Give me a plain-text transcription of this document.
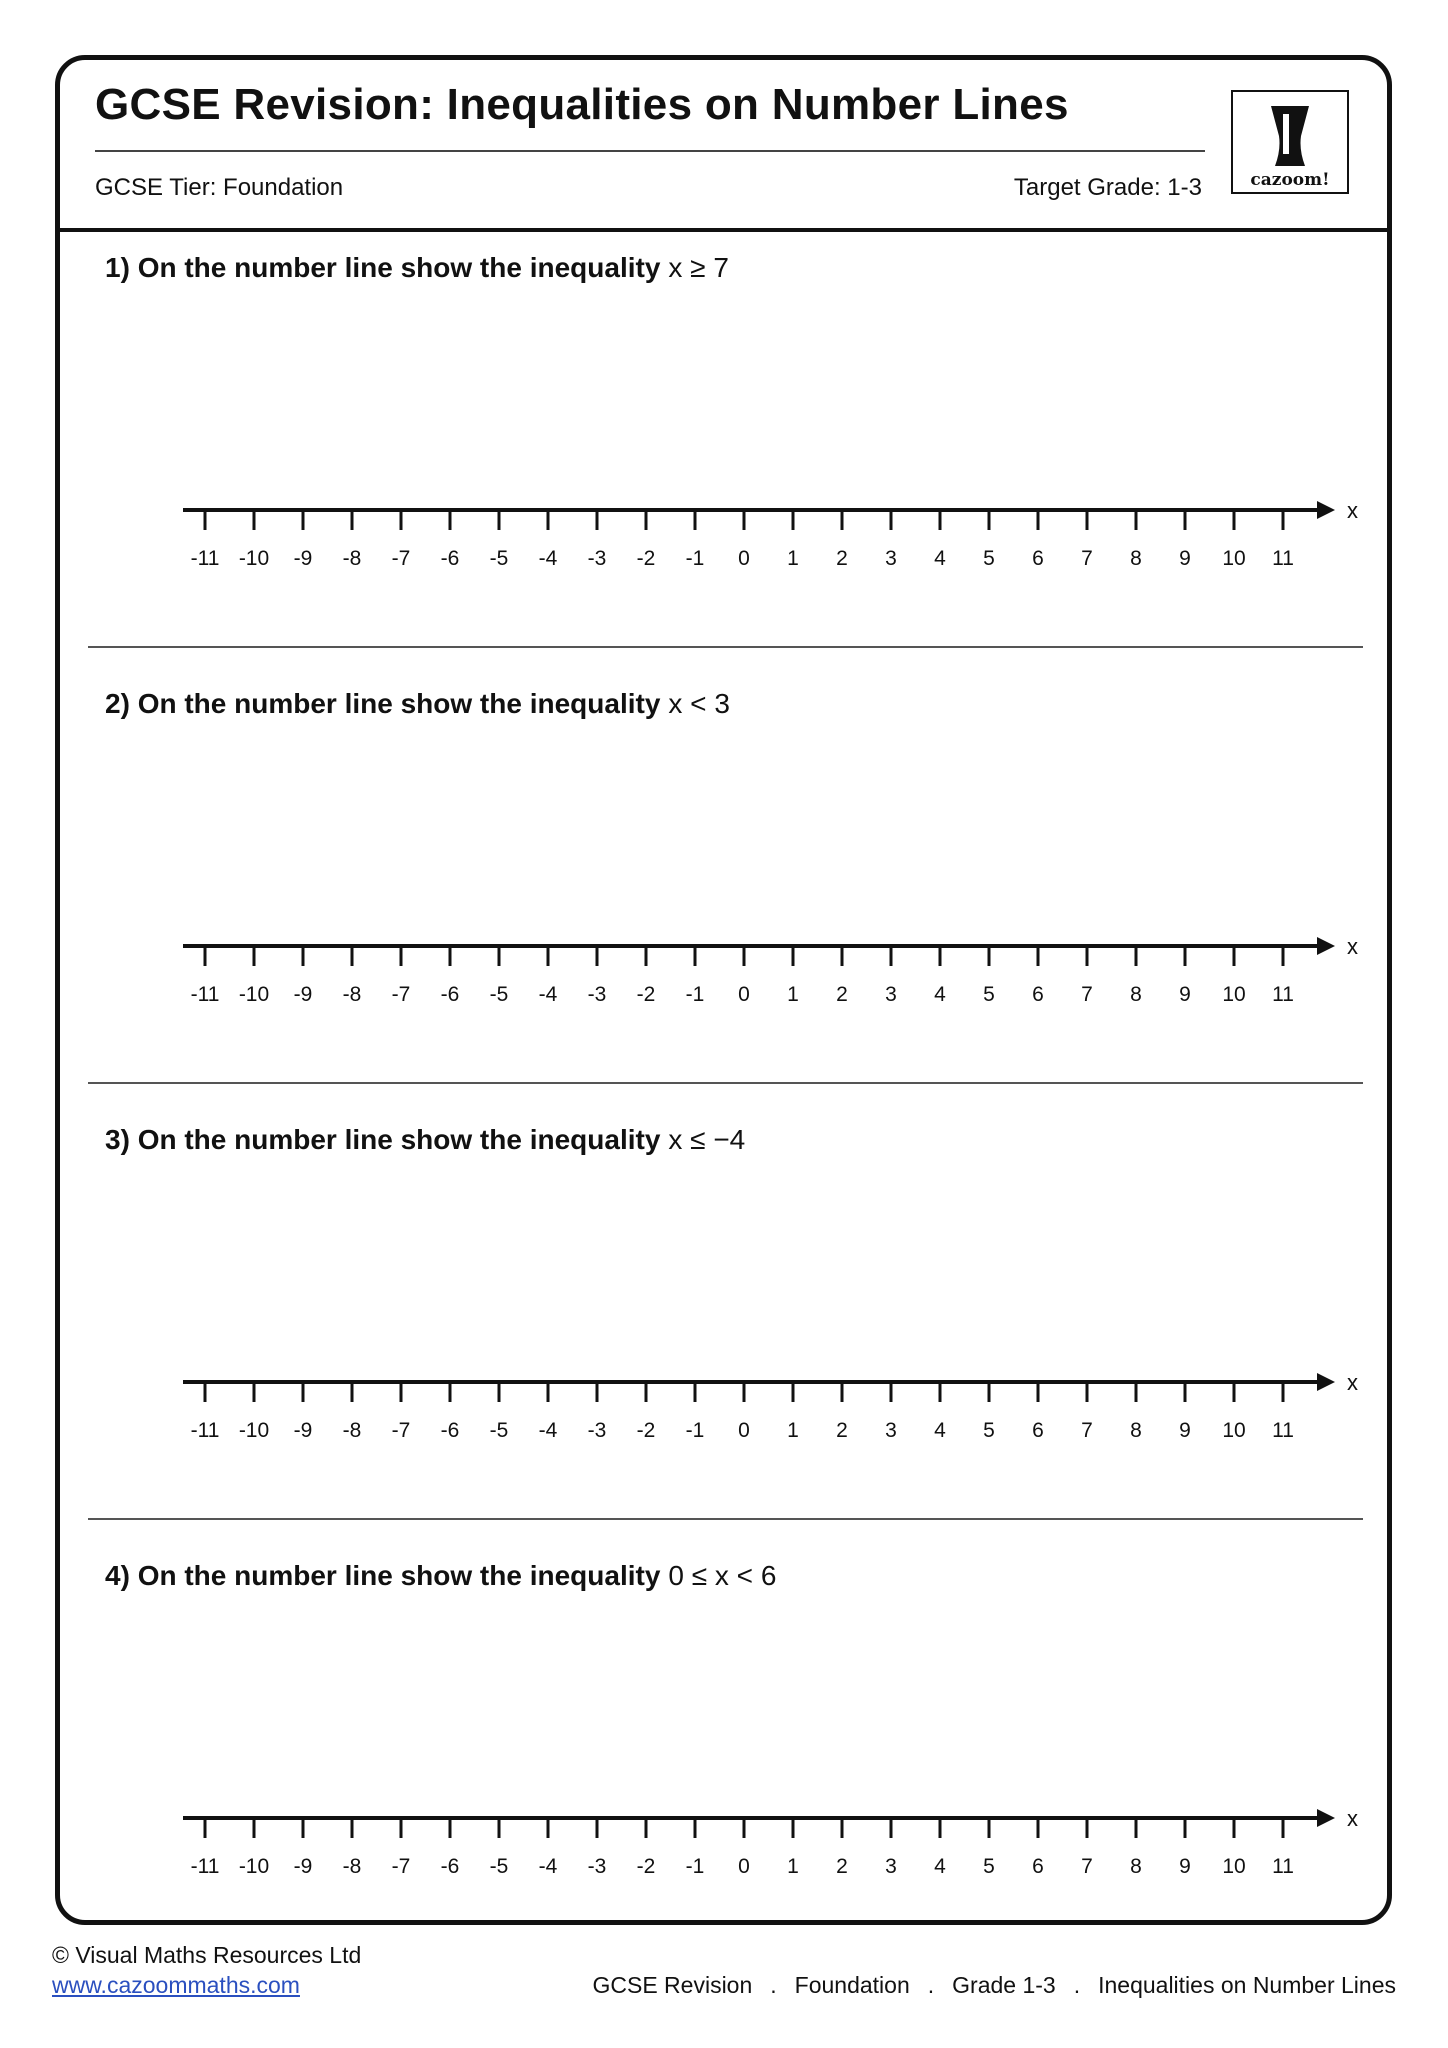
GCSE Revision: Inequalities on Number Lines
GCSE Tier: Foundation	Target Grade: 1-3	cazoom!
1) On the number line show the inequality x ≥ 7
x
-11 -10 -9 -8 -7 -6 -5 -4 -3 -2 -1 0 1 2 3 4 5 6 7 8 9 10 11
2) On the number line show the inequality x < 3
x
-11 -10 -9 -8 -7 -6 -5 -4 -3 -2 -1 0 1 2 3 4 5 6 7 8 9 10 11
3) On the number line show the inequality x ≤ −4
x
-11 -10 -9 -8 -7 -6 -5 -4 -3 -2 -1 0 1 2 3 4 5 6 7 8 9 10 11
4) On the number line show the inequality 0 ≤ x < 6
x
-11 -10 -9 -8 -7 -6 -5 -4 -3 -2 -1 0 1 2 3 4 5 6 7 8 9 10 11
© Visual Maths Resources Ltd
www.cazoommaths.com	GCSE Revision . Foundation . Grade 1-3 . Inequalities on Number Lines
